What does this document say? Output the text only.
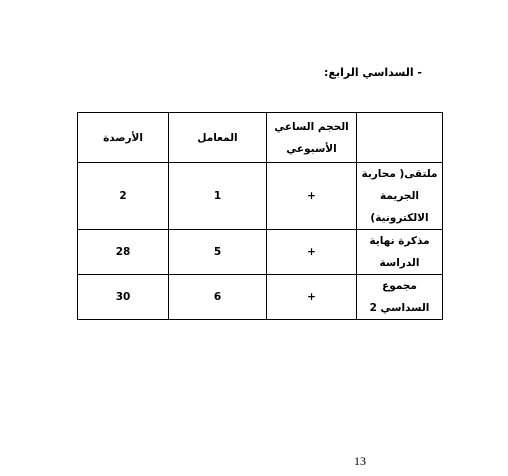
- السداسي الرابع:
	الحجم الساعي الأسبوعي	المعامل	الأرصدة
ملتقى( محاربة الجريمة الالكترونية)	+	1	2
مذكرة نهاية الدراسة	+	5	28
مجموع السداسي 2	+	6	30
13
